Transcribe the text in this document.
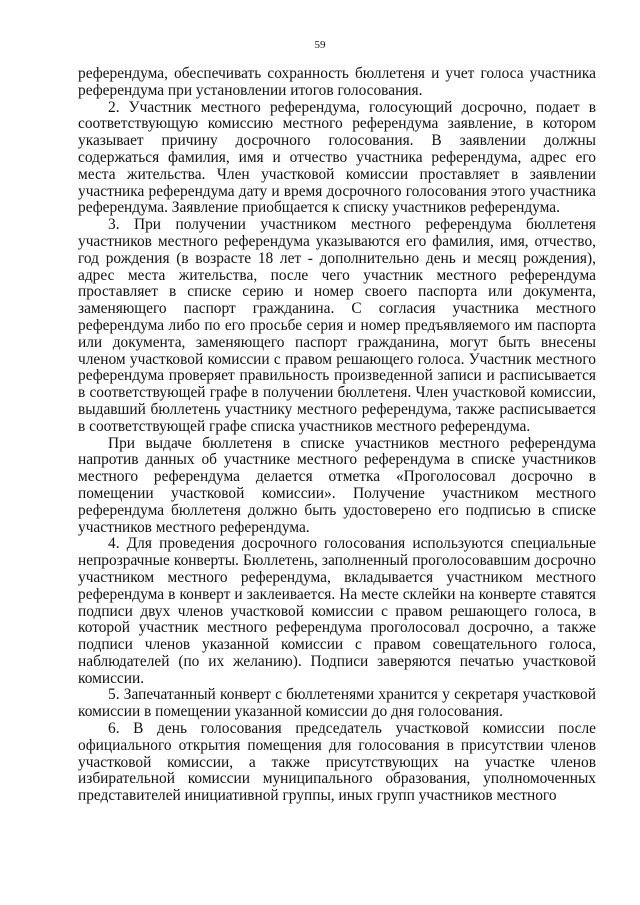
59

референдума, обеспечивать сохранность бюллетеня и учет голоса участника референдума при установлении итогов голосования.

2. Участник местного референдума, голосующий досрочно, подает в соответствующую комиссию местного референдума заявление, в котором указывает причину досрочного голосования. В заявлении должны содержаться фамилия, имя и отчество участника референдума, адрес его места жительства. Член участковой комиссии проставляет в заявлении участника референдума дату и время досрочного голосования этого участника референдума. Заявление приобщается к списку участников референдума.

3. При получении участником местного референдума бюллетеня участников местного референдума указываются его фамилия, имя, отчество, год рождения (в возрасте 18 лет - дополнительно день и месяц рождения), адрес места жительства, после чего участник местного референдума проставляет в списке серию и номер своего паспорта или документа, заменяющего паспорт гражданина. С согласия участника местного референдума либо по его просьбе серия и номер предъявляемого им паспорта или документа, заменяющего паспорт гражданина, могут быть внесены членом участковой комиссии с правом решающего голоса. Участник местного референдума проверяет правильность произведенной записи и расписывается в соответствующей графе в получении бюллетеня. Член участковой комиссии, выдавший бюллетень участнику местного референдума, также расписывается в соответствующей графе списка участников местного референдума.

При выдаче бюллетеня в списке участников местного референдума напротив данных об участнике местного референдума в списке участников местного референдума делается отметка «Проголосовал досрочно в помещении участковой комиссии». Получение участником местного референдума бюллетеня должно быть удостоверено его подписью в списке участников местного референдума.

4. Для проведения досрочного голосования используются специальные непрозрачные конверты. Бюллетень, заполненный проголосовавшим досрочно участником местного референдума, вкладывается участником местного референдума в конверт и заклеивается. На месте склейки на конверте ставятся подписи двух членов участковой комиссии с правом решающего голоса, в которой участник местного референдума проголосовал досрочно, а также подписи членов указанной комиссии с правом совещательного голоса, наблюдателей (по их желанию). Подписи заверяются печатью участковой комиссии.

5. Запечатанный конверт с бюллетенями хранится у секретаря участковой комиссии в помещении указанной комиссии до дня голосования.

6. В день голосования председатель участковой комиссии после официального открытия помещения для голосования в присутствии членов участковой комиссии, а также присутствующих на участке членов избирательной комиссии муниципального образования, уполномоченных представителей инициативной группы, иных групп участников местного
